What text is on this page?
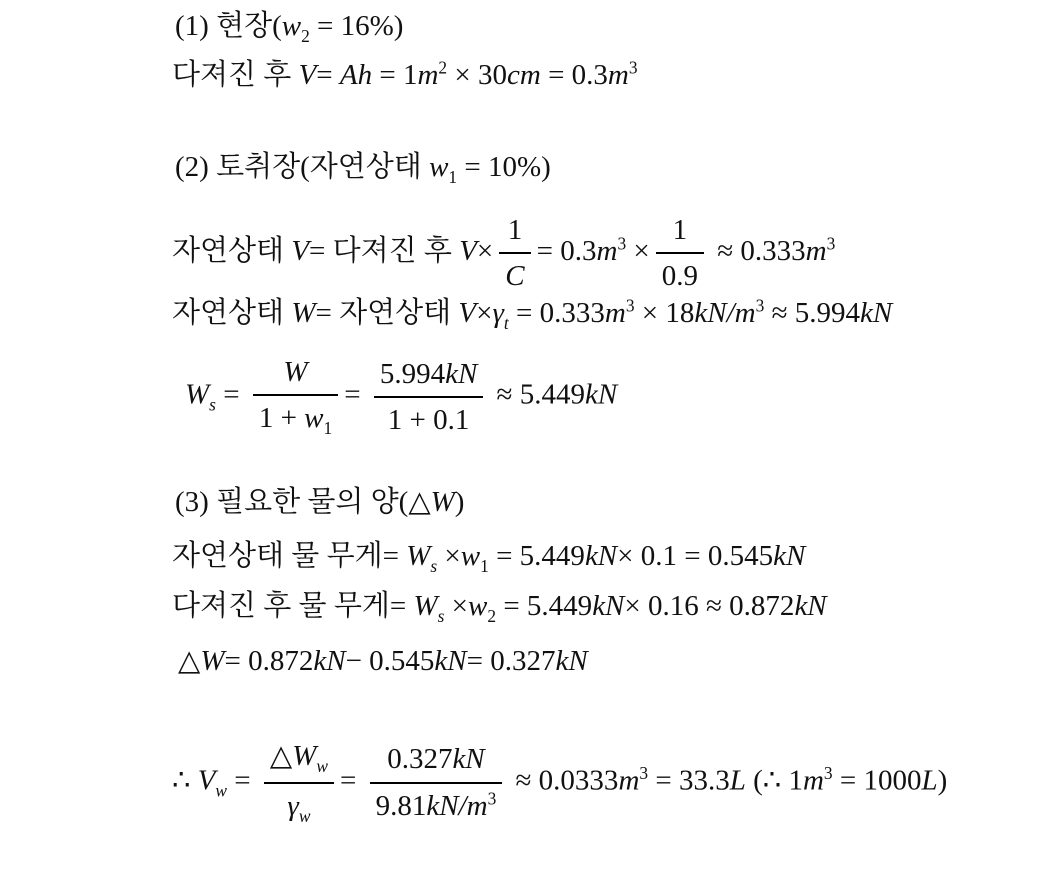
(1) 현장$(w_2 = 16\%)$
다져진 후 $V= Ah = 1m^2 \times 30cm = 0.3m^3$
(2) 토취장(자연상태 $w_1 = 10\%$)
자연상태 V= 다져진 후 $V\times \frac{1}{C} = 0.3m^3 \times \frac{1}{0.9} \approx 0.333m^3$
자연상태 W= 자연상태 $V\times\gamma_t = 0.333m^3 \times 18kN/m^3 \approx 5.994kN$
$W_s = \frac{W}{1 + w_1} = \frac{5.994kN}{1 + 0.1} \approx 5.449kN$
(3) 필요한 물의 양(△W)
자연상태 물 무게= $W_s \times w_1 = 5.449kN\times 0.1 = 0.545kN$
다져진 후 물 무게= $W_s \times w_2 = 5.449kN\times 0.16 \approx 0.872kN$
△W= 0.872kN− 0.545kN= 0.327kN
∴ $V_w = \frac{\triangle W_w}{\gamma_w} = \frac{0.327kN}{9.81kN/m^3} \approx 0.0333m^3 = 33.3L$ (∴ $1m^3 = 1000L$)
